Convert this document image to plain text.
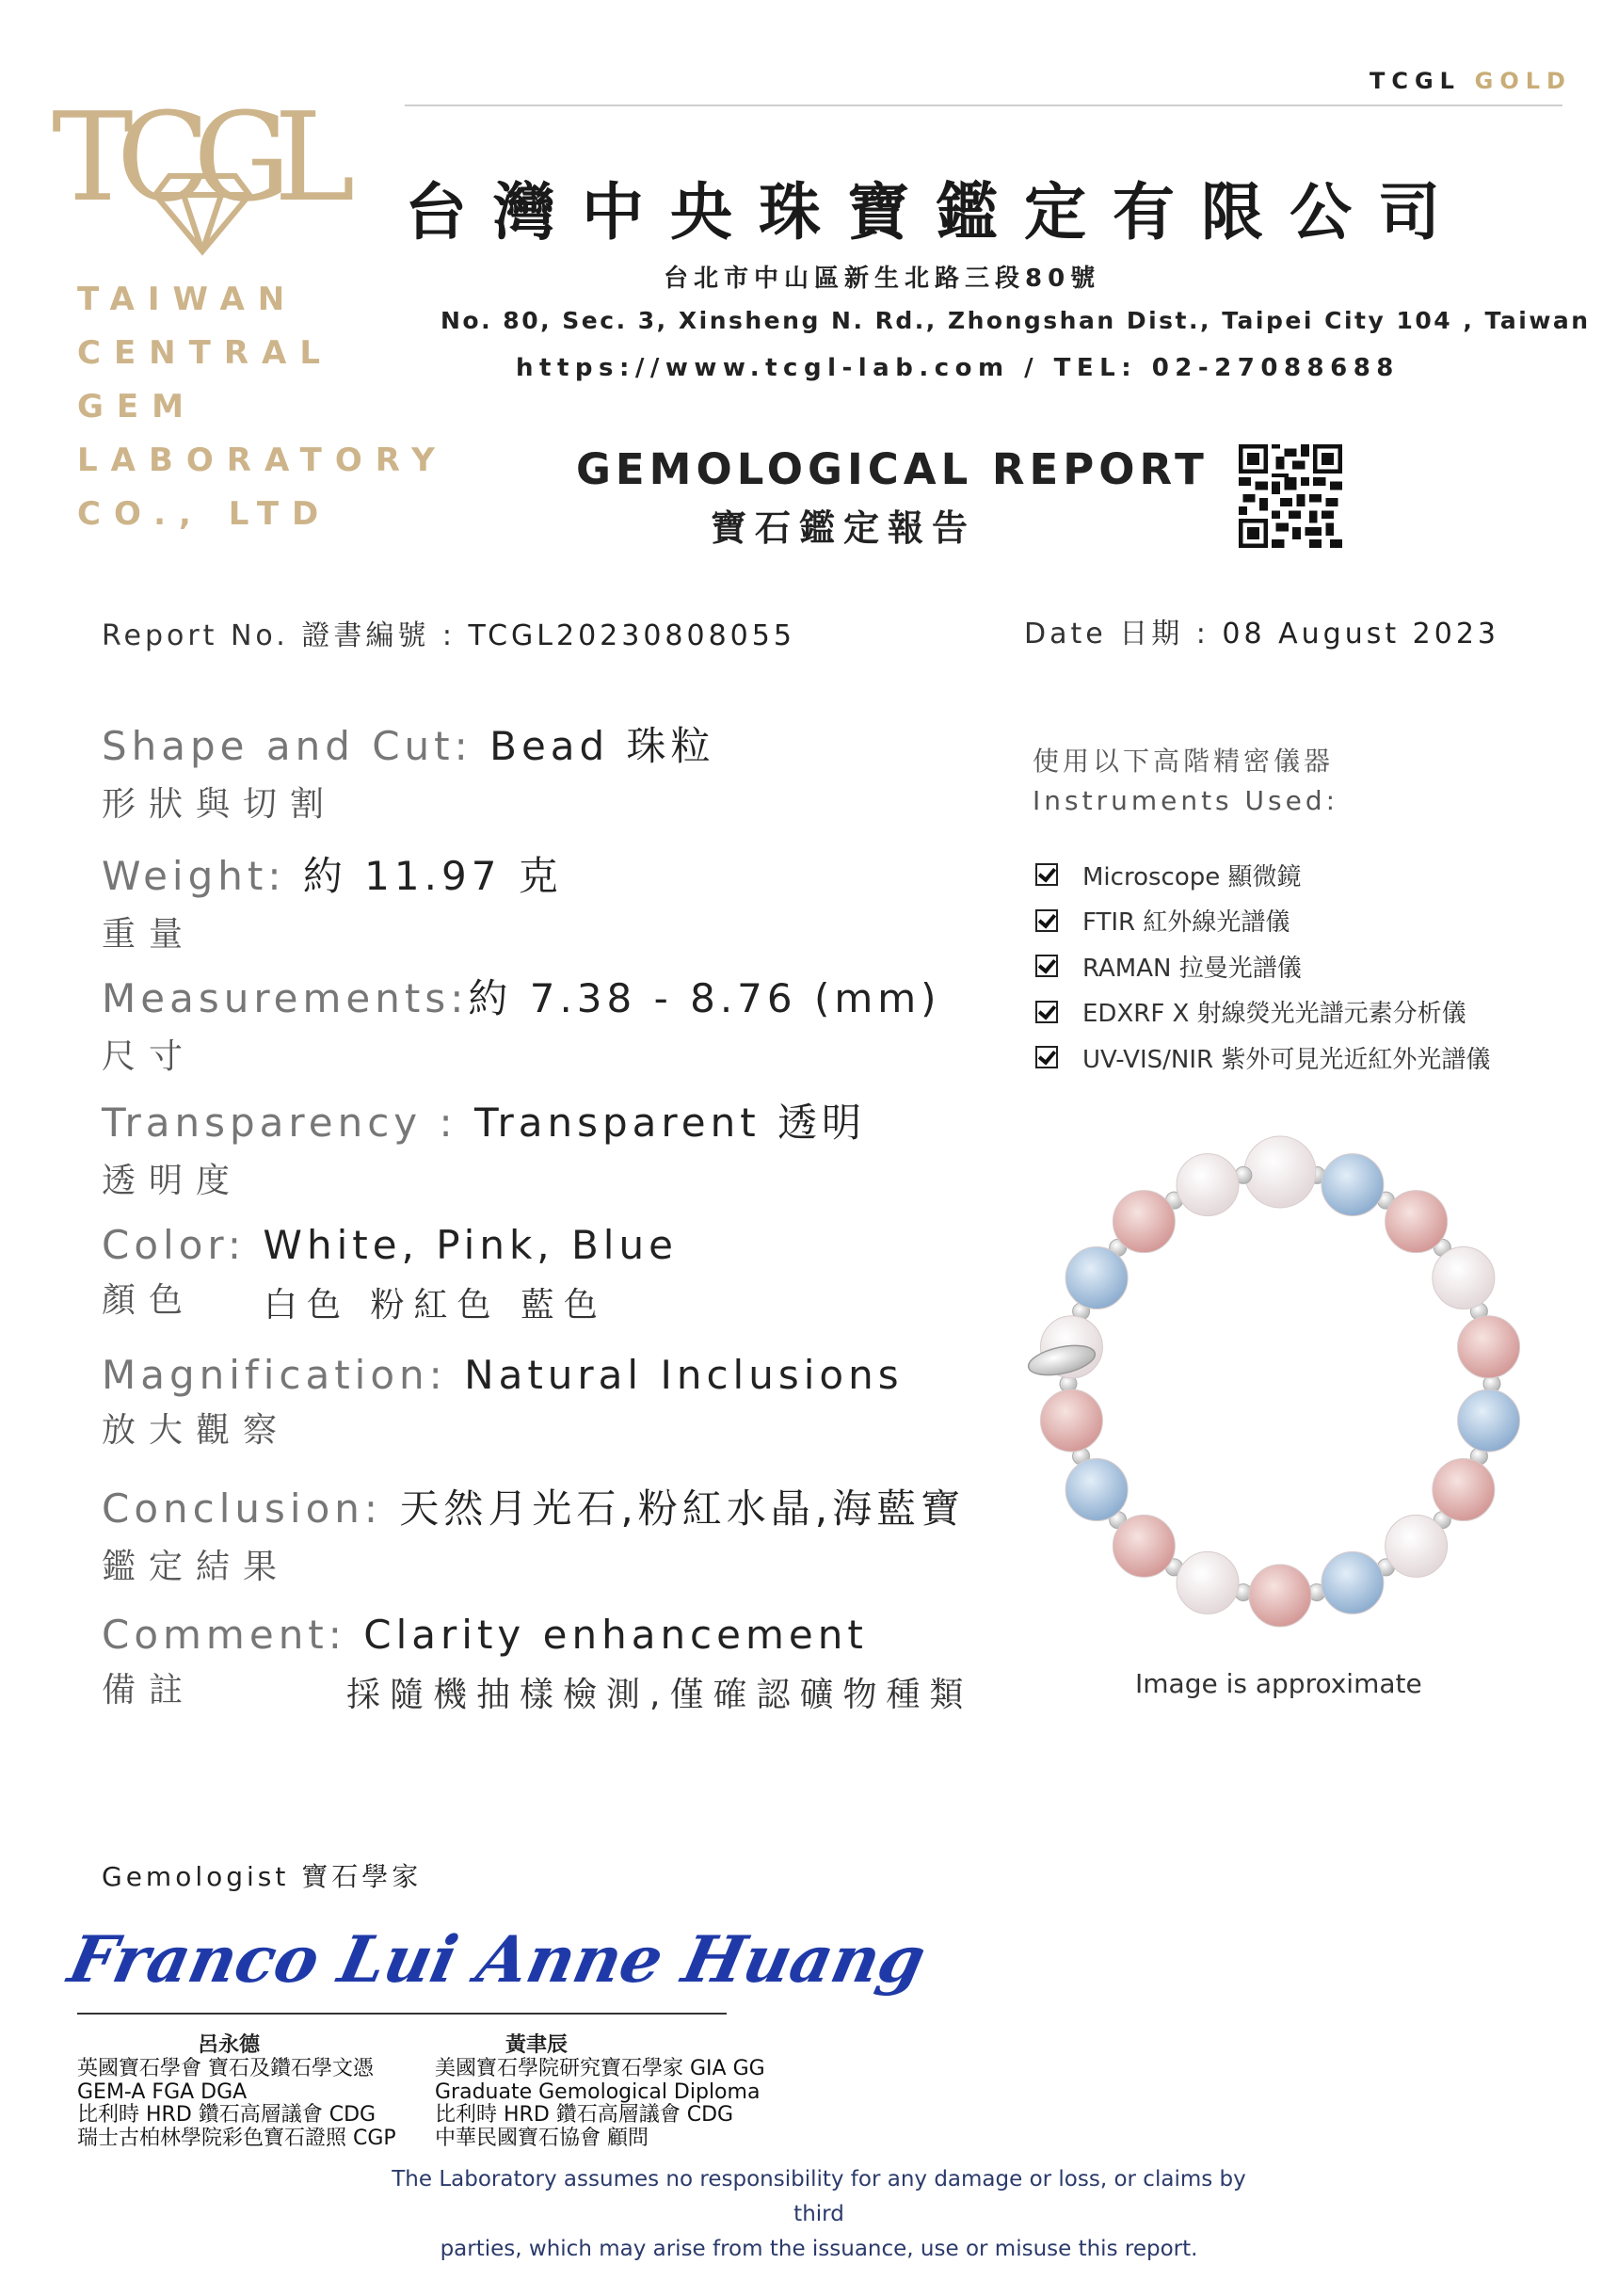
TCGL GOLD
TCGL
TAIWAN
CENTRAL
GEM
LABORATORY
CO., LTD
台灣中央珠寶鑑定有限公司
台北市中山區新生北路三段80號
No. 80, Sec. 3, Xinsheng N. Rd., Zhongshan Dist., Taipei City 104 , Taiwan
https://www.tcgl-lab.com / TEL: 02-27088688
GEMOLOGICAL REPORT
寶石鑑定報告
Report No. 證書編號 : TCGL20230808055	Date 日期 : 08 August 2023
Shape and Cut: Bead 珠粒
形狀與切割
Weight: 約 11.97 克
重量
Measurements:約 7.38 - 8.76 (mm)
尺寸
Transparency : Transparent 透明
透明度
Color: White, Pink, Blue
顏色	白色 粉紅色 藍色
Magnification: Natural Inclusions
放大觀察
Conclusion: 天然月光石,粉紅水晶,海藍寶
鑑定結果
Comment: Clarity enhancement
備註	採隨機抽樣檢測,僅確認礦物種類
使用以下高階精密儀器
Instruments Used:
Microscope 顯微鏡
FTIR 紅外線光譜儀
RAMAN 拉曼光譜儀
EDXRF X 射線熒光光譜元素分析儀
UV-VIS/NIR 紫外可見光近紅外光譜儀
Image is approximate
Gemologist 寶石學家
Franco Lui Anne Huang
呂永德	黃聿辰
英國寶石學會 寶石及鑽石學文憑
GEM-A FGA DGA
比利時 HRD 鑽石高層議會 CDG
瑞士古柏林學院彩色寶石證照 CGP
美國寶石學院研究寶石學家 GIA GG
Graduate Gemological Diploma
比利時 HRD 鑽石高層議會 CDG
中華民國寶石協會 顧問
The Laboratory assumes no responsibility for any damage or loss, or claims by third
parties, which may arise from the issuance, use or misuse this report.
